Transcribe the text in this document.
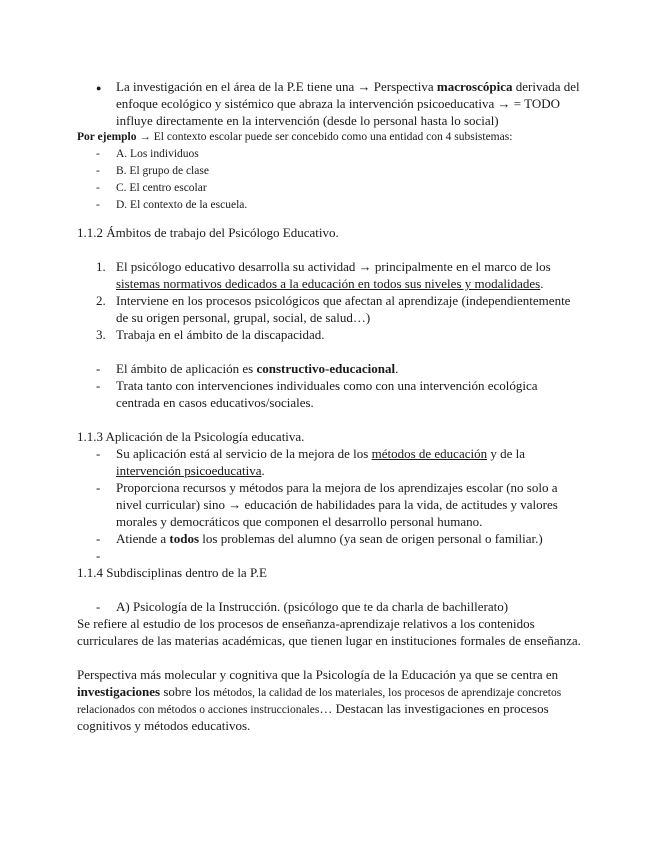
● La investigación en el área de la P.E tiene una → Perspectiva macroscópica derivada del
enfoque ecológico y sistémico que abraza la intervención psicoeducativa → = TODO
influye directamente en la intervención (desde lo personal hasta lo social)
Por ejemplo → El contexto escolar puede ser concebido como una entidad con 4 subsistemas:
- A. Los individuos
- B. El grupo de clase
- C. El centro escolar
- D. El contexto de la escuela.
1.1.2 Ámbitos de trabajo del Psicólogo Educativo.
1. El psicólogo educativo desarrolla su actividad → principalmente en el marco de los
sistemas normativos dedicados a la educación en todos sus niveles y modalidades.
2. Interviene en los procesos psicológicos que afectan al aprendizaje (independientemente
de su origen personal, grupal, social, de salud…)
3. Trabaja en el ámbito de la discapacidad.
- El ámbito de aplicación es constructivo-educacional.
- Trata tanto con intervenciones individuales como con una intervención ecológica
centrada en casos educativos/sociales.
1.1.3 Aplicación de la Psicología educativa.
- Su aplicación está al servicio de la mejora de los métodos de educación y de la
intervención psicoeducativa.
- Proporciona recursos y métodos para la mejora de los aprendizajes escolar (no solo a
nivel curricular) sino → educación de habilidades para la vida, de actitudes y valores
morales y democráticos que componen el desarrollo personal humano.
- Atiende a todos los problemas del alumno (ya sean de origen personal o familiar.)
-
1.1.4 Subdisciplinas dentro de la P.E
- A) Psicología de la Instrucción. (psicólogo que te da charla de bachillerato)
Se refiere al estudio de los procesos de enseñanza-aprendizaje relativos a los contenidos
curriculares de las materias académicas, que tienen lugar en instituciones formales de enseñanza.
Perspectiva más molecular y cognitiva que la Psicología de la Educación ya que se centra en
investigaciones sobre los métodos, la calidad de los materiales, los procesos de aprendizaje concretos
relacionados con métodos o acciones instruccionales… Destacan las investigaciones en procesos
cognitivos y métodos educativos.
